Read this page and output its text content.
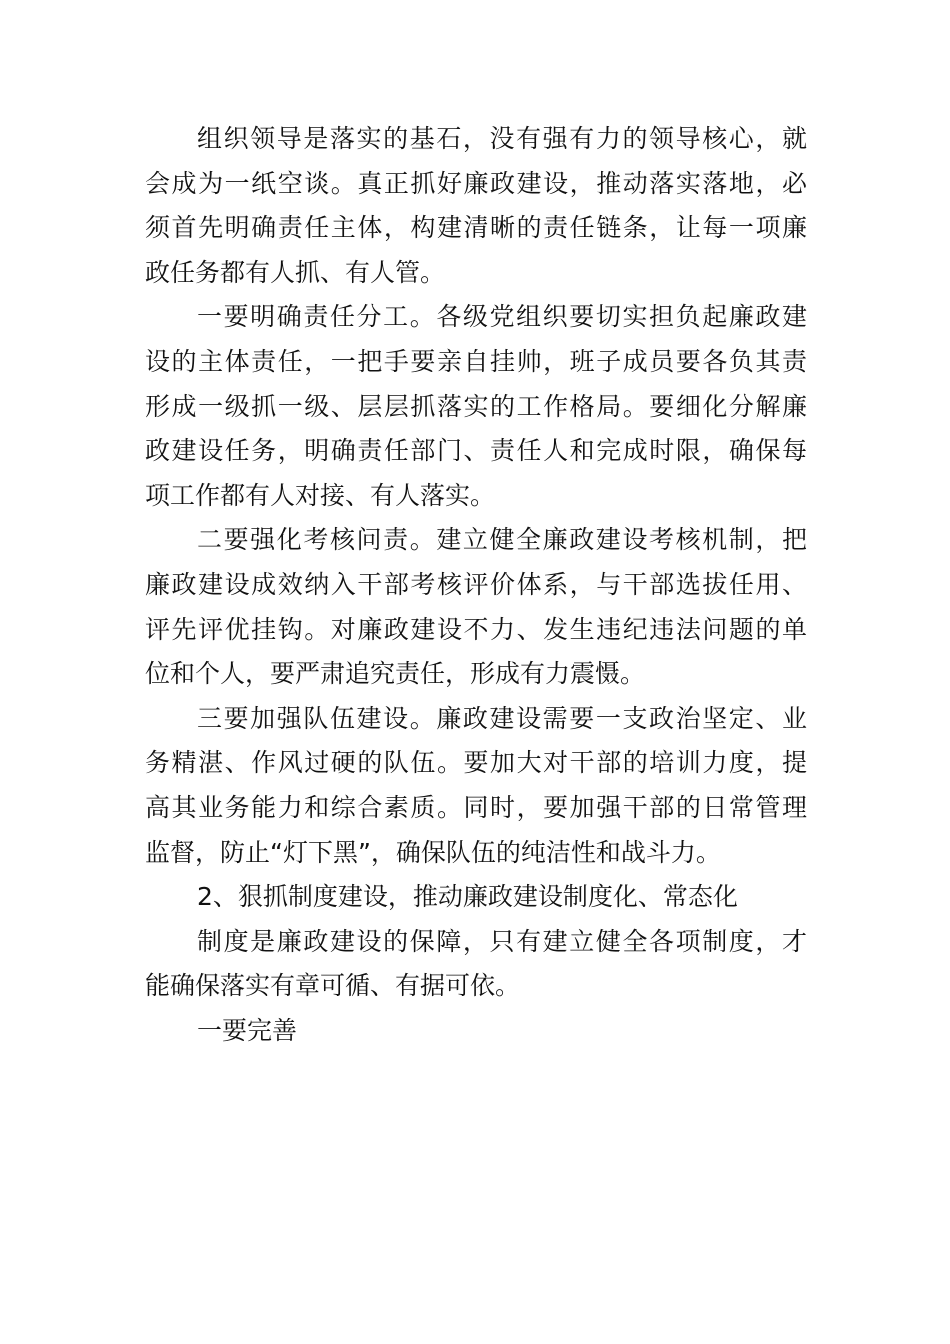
组织领导是落实的基石，没有强有力的领导核心，就
会成为一纸空谈。真正抓好廉政建设，推动落实落地，必
须首先明确责任主体，构建清晰的责任链条，让每一项廉
政任务都有人抓、有人管。
一要明确责任分工。各级党组织要切实担负起廉政建
设的主体责任，一把手要亲自挂帅，班子成员要各负其责
形成一级抓一级、层层抓落实的工作格局。要细化分解廉
政建设任务，明确责任部门、责任人和完成时限，确保每
项工作都有人对接、有人落实。
二要强化考核问责。建立健全廉政建设考核机制，把
廉政建设成效纳入干部考核评价体系，与干部选拔任用、
评先评优挂钩。对廉政建设不力、发生违纪违法问题的单
位和个人，要严肃追究责任，形成有力震慑。
三要加强队伍建设。廉政建设需要一支政治坚定、业
务精湛、作风过硬的队伍。要加大对干部的培训力度，提
高其业务能力和综合素质。同时，要加强干部的日常管理
监督，防止“灯下黑”，确保队伍的纯洁性和战斗力。
2、狠抓制度建设，推动廉政建设制度化、常态化
制度是廉政建设的保障，只有建立健全各项制度，才
能确保落实有章可循、有据可依。
一要完善
